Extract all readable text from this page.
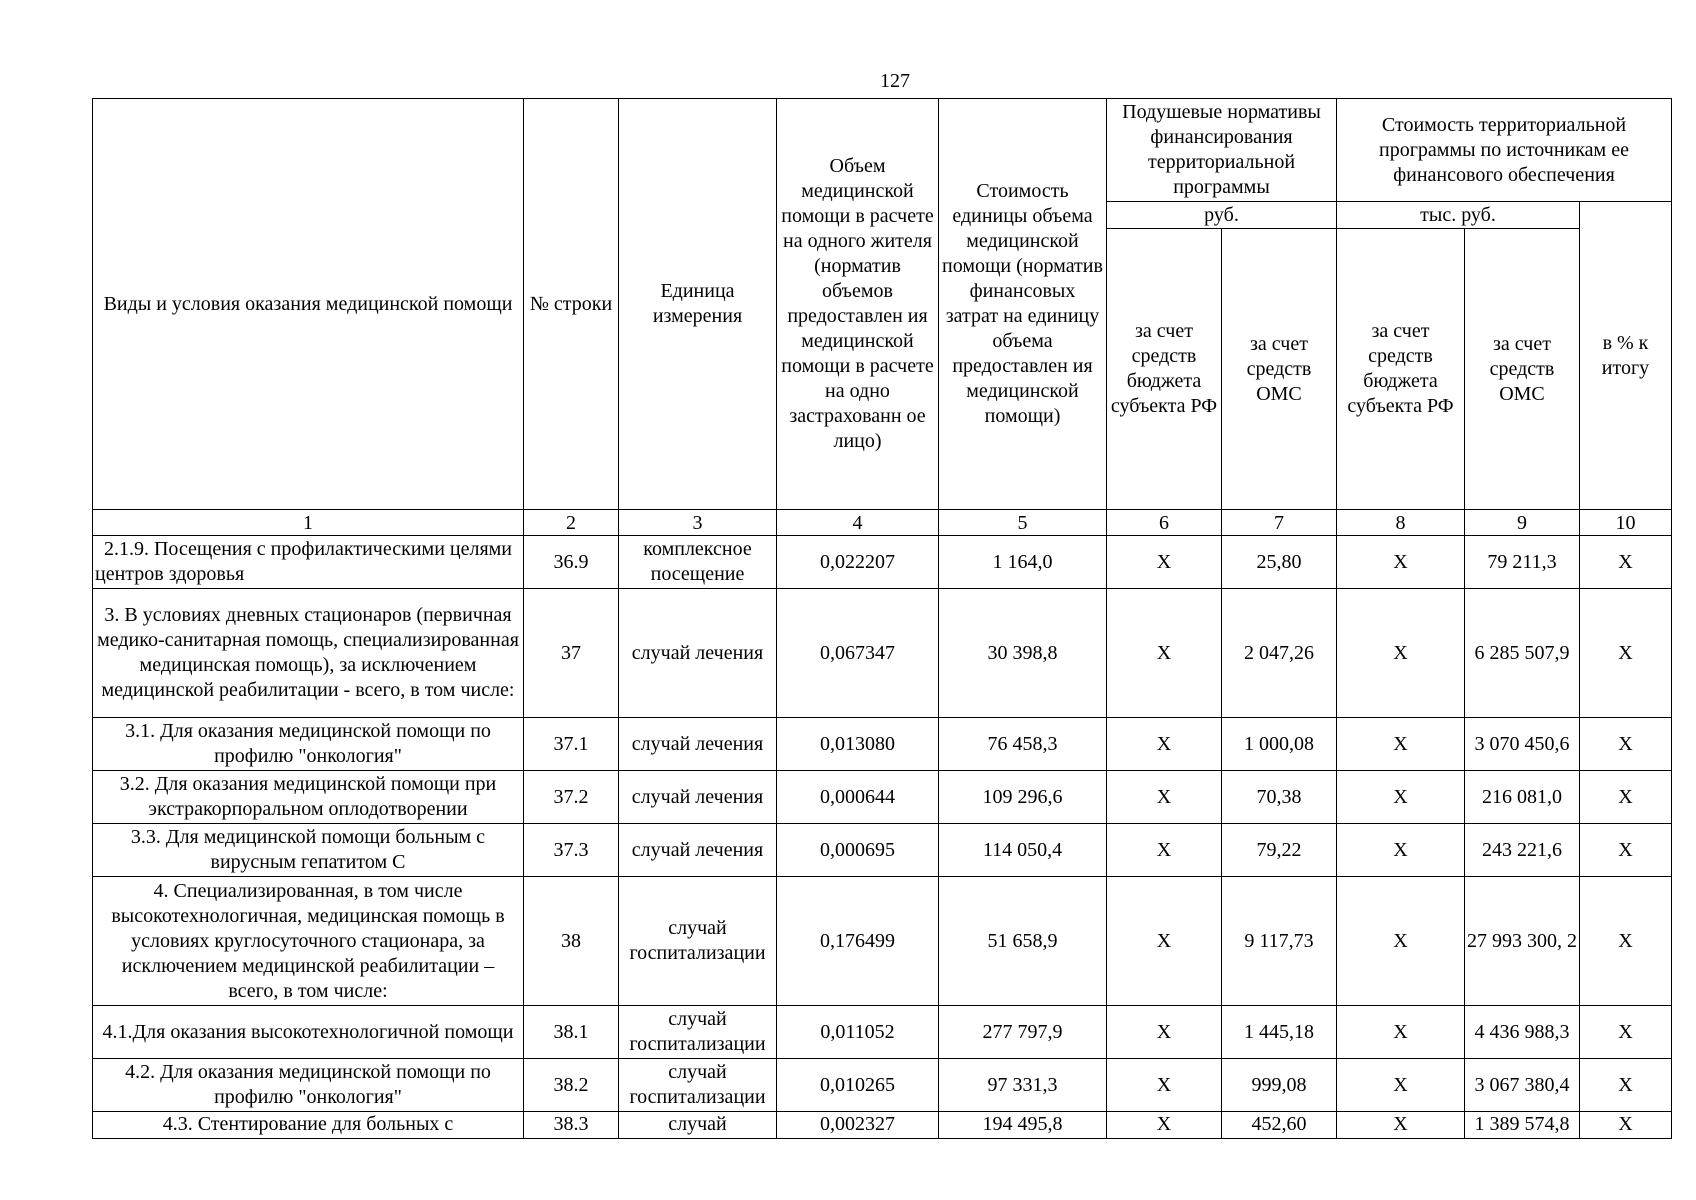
127
Виды и условия оказания медицинской помощи	№ строки	Единица измерения	Объем медицинской помощи в расчете на одного жителя (норматив объемов предоставлен ия медицинской помощи в расчете на одно застрахованн ое лицо)	Стоимость единицы объема медицинской помощи (норматив финансовых затрат на единицу объема предоставлен ия медицинской помощи)	Подушевые нормативы финансирования территориальной программы		Стоимость территориальной программы по источникам ее финансового обеспечения		
					руб.		тыс. руб.		в % к итогу
					за счет средств бюджета субъекта РФ	за счет средств ОМС	за счет средств бюджета субъекта РФ	за счет средств ОМС	
1	2	3	4	5	6	7	8	9	10
2.1.9. Посещения с профилактическими целями центров здоровья	36.9	комплексное посещение	0,022207	1 164,0	Х	25,80	Х	79 211,3	Х
3. В условиях дневных стационаров (первичная медико-санитарная помощь, специализированная медицинская помощь), за исключением медицинской реабилитации - всего, в том числе:	37	случай лечения	0,067347	30 398,8	Х	2 047,26	Х	6 285 507,9	Х
3.1. Для оказания медицинской помощи по профилю "онкология"	37.1	случай лечения	0,013080	76 458,3	Х	1 000,08	Х	3 070 450,6	Х
3.2. Для оказания медицинской помощи при экстракорпоральном оплодотворении	37.2	случай лечения	0,000644	109 296,6	Х	70,38	Х	216 081,0	Х
3.3. Для медицинской помощи больным с вирусным гепатитом С	37.3	случай лечения	0,000695	114 050,4	Х	79,22	Х	243 221,6	Х
4. Специализированная, в том числе высокотехнологичная, медицинская помощь в условиях круглосуточного стационара, за исключением медицинской реабилитации – всего, в том числе:	38	случай госпитализации	0,176499	51 658,9	Х	9 117,73	Х	27 993 300, 2	Х
4.1.Для оказания высокотехнологичной помощи	38.1	случай госпитализации	0,011052	277 797,9	Х	1 445,18	Х	4 436 988,3	Х
4.2. Для оказания медицинской помощи по профилю "онкология"	38.2	случай госпитализации	0,010265	97 331,3	Х	999,08	Х	3 067 380,4	Х
4.3. Стентирование для больных с	38.3	случай	0,002327	194 495,8	Х	452,60	Х	1 389 574,8	Х
